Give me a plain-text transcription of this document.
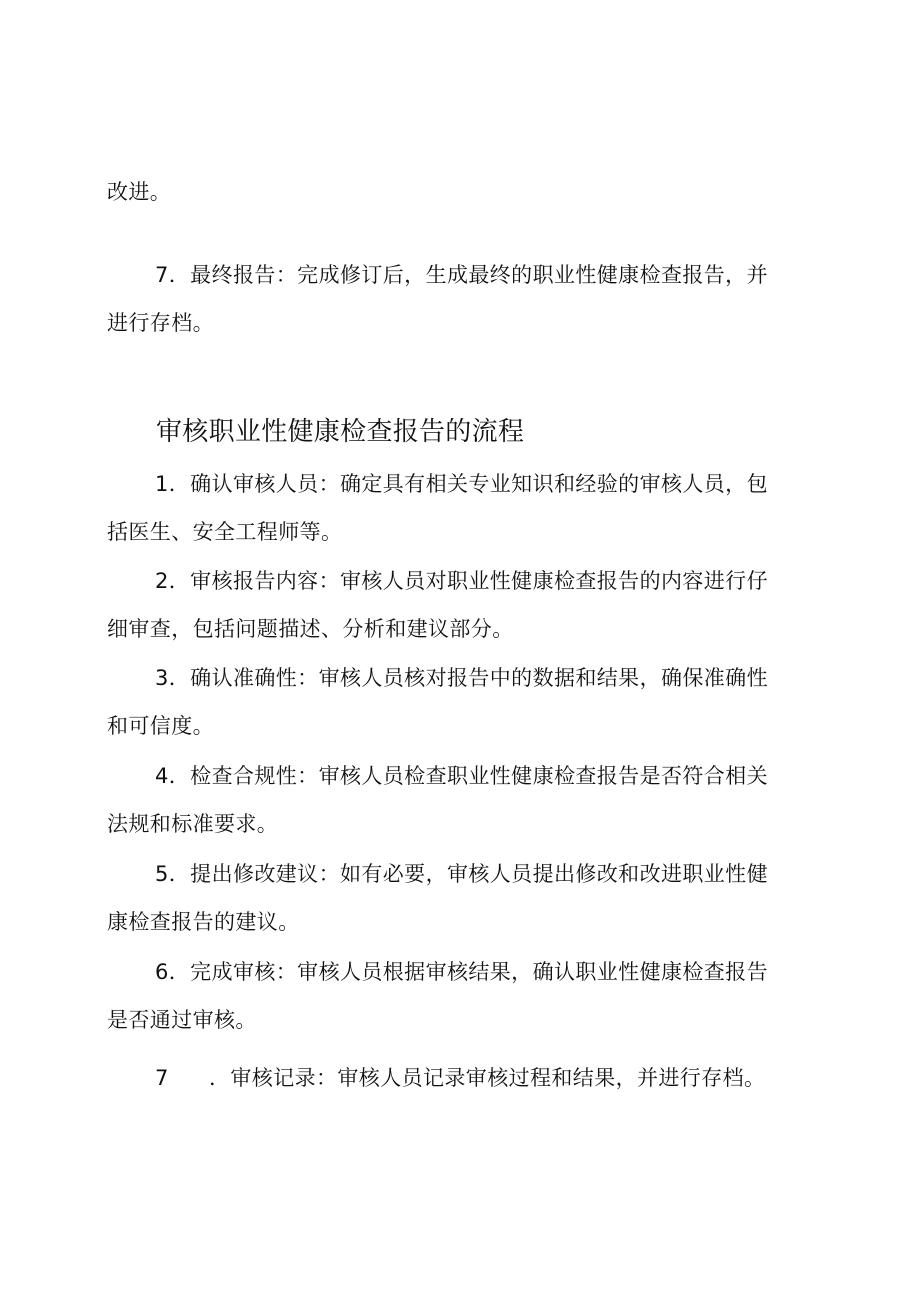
改进。
7．最终报告：完成修订后，生成最终的职业性健康检查报告，并
进行存档。
审核职业性健康检查报告的流程
1．确认审核人员：确定具有相关专业知识和经验的审核人员，包
括医生、安全工程师等。
2．审核报告内容：审核人员对职业性健康检查报告的内容进行仔
细审查，包括问题描述、分析和建议部分。
3．确认准确性：审核人员核对报告中的数据和结果，确保准确性
和可信度。
4．检查合规性：审核人员检查职业性健康检查报告是否符合相关
法规和标准要求。
5．提出修改建议：如有必要，审核人员提出修改和改进职业性健
康检查报告的建议。
6．完成审核：审核人员根据审核结果，确认职业性健康检查报告
是否通过审核。
7 ．审核记录：审核人员记录审核过程和结果，并进行存档。
